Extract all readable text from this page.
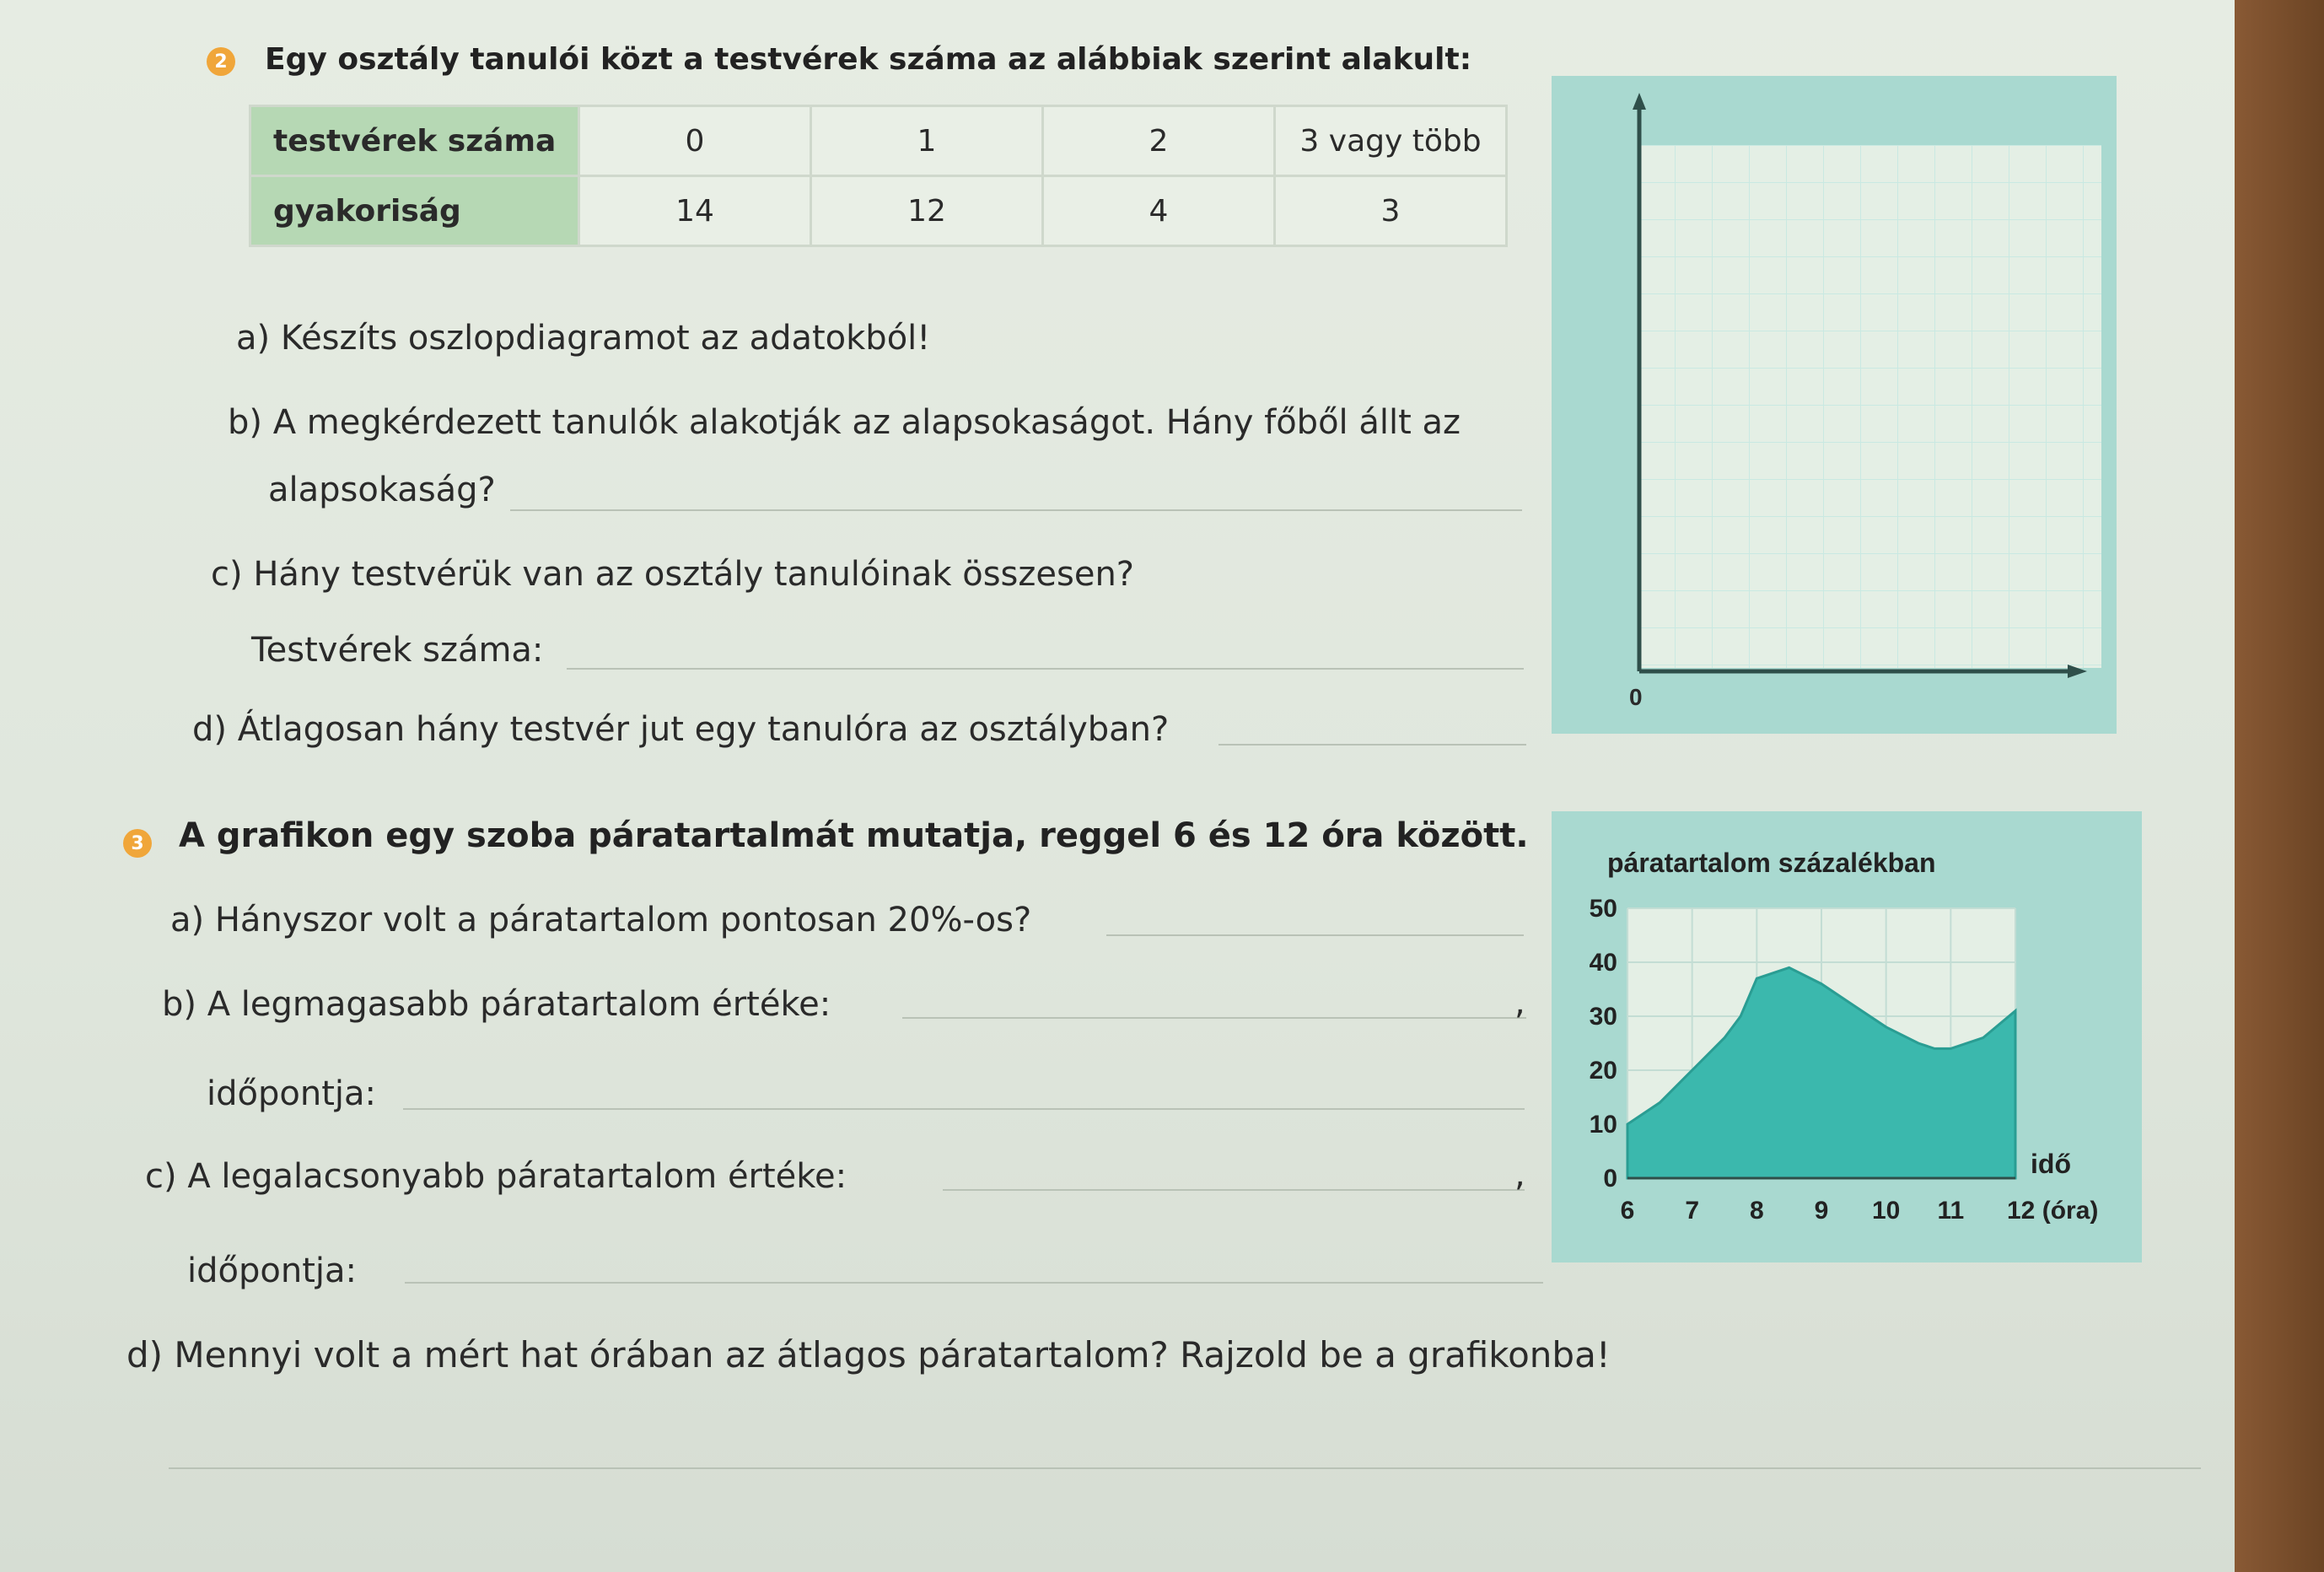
2 Egy osztály tanulói közt a testvérek száma az alábbiak szerint alakult:
testvérek száma	0	1	2	3 vagy több
gyakoriság	14	12	4	3
a) Készíts oszlopdiagramot az adatokból!
b) A megkérdezett tanulók alakotják az alapsokaságot. Hány főből állt az
alapsokaság?
c) Hány testvérük van az osztály tanulóinak összesen?
Testvérek száma:
d) Átlagosan hány testvér jut egy tanulóra az osztályban?
0
3 A grafikon egy szoba páratartalmát mutatja, reggel 6 és 12 óra között.
a) Hányszor volt a páratartalom pontosan 20%-os?
b) A legmagasabb páratartalom értéke:	,
időpontja:
c) A legalacsonyabb páratartalom értéke:	,
időpontja:
d) Mennyi volt a mért hat órában az átlagos páratartalom? Rajzold be a grafikonba!
páratartalom százalékban
0
10
20
30
40
50
6 7 8 9 10 11 12 (óra)
idő
